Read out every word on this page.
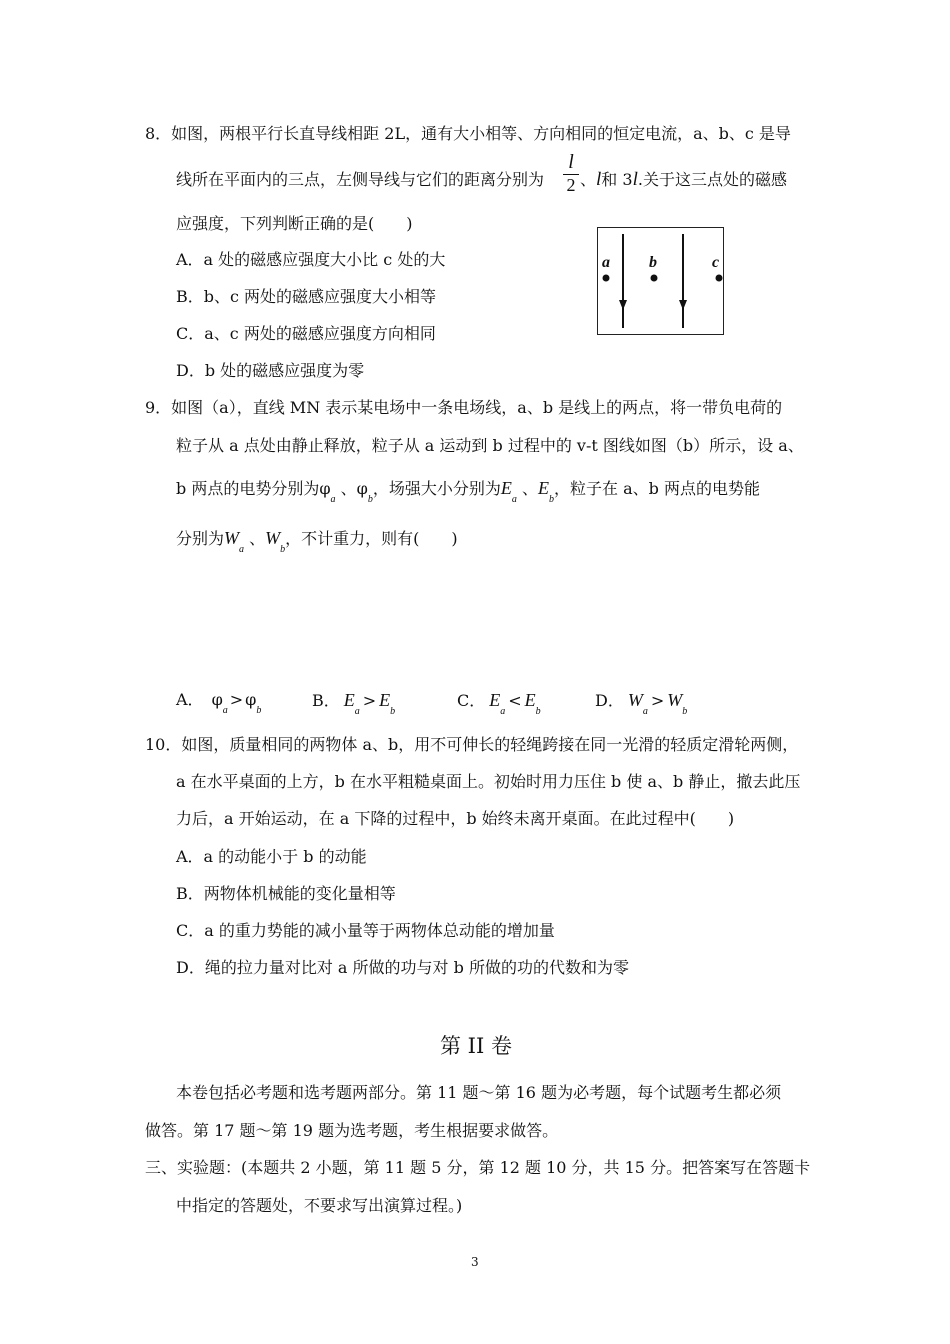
8．如图，两根平行长直导线相距 2L，通有大小相等、方向相同的恒定电流，a、b、c 是导
线所在平面内的三点，左侧导线与它们的距离分别为
l
2 、l和 3l.关于这三点处的磁感
应强度，下列判断正确的是(　　)
A．a 处的磁感应强度大小比 c 处的大
B．b、c 两处的磁感应强度大小相等
C．a、c 两处的磁感应强度方向相同
D．b 处的磁感应强度为零
a b	c
9．如图（a），直线 MN 表示某电场中一条电场线，a、b 是线上的两点，将一带负电荷的
粒子从 a 点处由静止释放，粒子从 a 运动到 b 过程中的 v-t 图线如图（b）所示，设 a、
b 两点的电势分别为$\varphi_a$ 、$\varphi_b$，场强大小分别为$E_a$ 、$E_b$，粒子在 a、b 两点的电势能
分别为$W_a$ 、$W_b$，不计重力，则有(　　)
A． $\varphi_a> \varphi_b$
B． $E_a> E_b$
C． $E_a< E_b$
D． $W_a> W_b$
10．如图，质量相同的两物体 a、b，用不可伸长的轻绳跨接在同一光滑的轻质定滑轮两侧，
a 在水平桌面的上方，b 在水平粗糙桌面上。初始时用力压住 b 使 a、b 静止，撤去此压
力后，a 开始运动，在 a 下降的过程中，b 始终未离开桌面。在此过程中(　　)
A．a 的动能小于 b 的动能
B．两物体机械能的变化量相等
C．a 的重力势能的减小量等于两物体总动能的增加量
D．绳的拉力量对比对 a 所做的功与对 b 所做的功的代数和为零
第 II 卷
本卷包括必考题和选考题两部分。第 11 题～第 16 题为必考题，每个试题考生都必须
做答。第 17 题～第 19 题为选考题，考生根据要求做答。
三、实验题：(本题共 2 小题，第 11 题 5 分，第 12 题 10 分，共 15 分。把答案写在答题卡
中指定的答题处，不要求写出演算过程。)
3
